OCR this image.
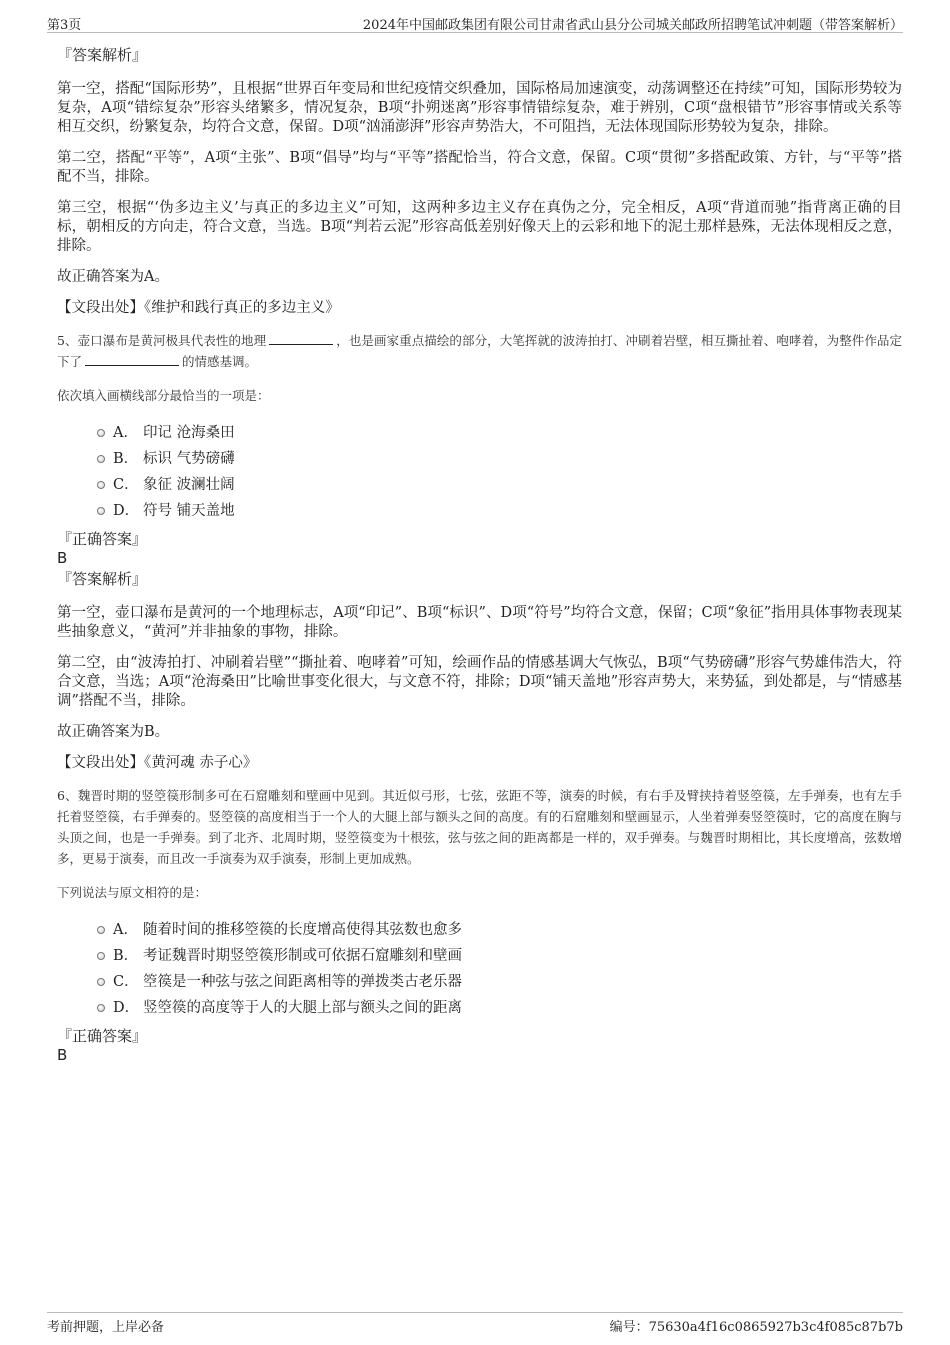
第3页	2024年中国邮政集团有限公司甘肃省武山县分公司城关邮政所招聘笔试冲刺题（带答案解析）

『答案解析』

第一空，搭配“国际形势”，且根据“世界百年变局和世纪疫情交织叠加，国际格局加速演变，动荡调整还在持续”可知，国际形势较为复杂，A项“错综复杂”形容头绪繁多，情况复杂，B项“扑朔迷离”形容事情错综复杂，难于辨别，C项“盘根错节”形容事情或关系等相互交织，纷繁复杂，均符合文意，保留。D项“汹涌澎湃”形容声势浩大，不可阻挡，无法体现国际形势较为复杂，排除。

第二空，搭配“平等”，A项“主张”、B项“倡导”均与“平等”搭配恰当，符合文意，保留。C项“贯彻”多搭配政策、方针，与“平等”搭配不当，排除。

第三空，根据“‘伪多边主义’与真正的多边主义”可知，这两种多边主义存在真伪之分，完全相反，A项“背道而驰”指背离正确的目标，朝相反的方向走，符合文意，当选。B项“判若云泥”形容高低差别好像天上的云彩和地下的泥土那样悬殊，无法体现相反之意，排除。

故正确答案为A。

【文段出处】《维护和践行真正的多边主义》

5、壶口瀑布是黄河极具代表性的地理	，也是画家重点描绘的部分，大笔挥就的波涛拍打、冲刷着岩壁，相互撕扯着、咆哮着，为整件作品定下了	的情感基调。

依次填入画横线部分最恰当的一项是：

A． 印记 沧海桑田
B． 标识 气势磅礴
C． 象征 波澜壮阔
D． 符号 铺天盖地

『正确答案』

B

『答案解析』

第一空，壶口瀑布是黄河的一个地理标志，A项“印记”、B项“标识”、D项“符号”均符合文意，保留；C项“象征”指用具体事物表现某些抽象意义，“黄河”并非抽象的事物，排除。

第二空，由“波涛拍打、冲刷着岩壁”“撕扯着、咆哮着”可知，绘画作品的情感基调大气恢弘，B项“气势磅礴”形容气势雄伟浩大，符合文意，当选；A项“沧海桑田”比喻世事变化很大，与文意不符，排除；D项“铺天盖地”形容声势大，来势猛，到处都是，与“情感基调”搭配不当，排除。

故正确答案为B。

【文段出处】《黄河魂 赤子心》

6、魏晋时期的竖箜篌形制多可在石窟雕刻和壁画中见到。其近似弓形，七弦，弦距不等，演奏的时候，有右手及臂挟持着竖箜篌，左手弹奏，也有左手托着竖箜篌，右手弹奏的。竖箜篌的高度相当于一个人的大腿上部与额头之间的高度。有的石窟雕刻和壁画显示，人坐着弹奏竖箜篌时，它的高度在胸与头顶之间，也是一手弹奏。到了北齐、北周时期，竖箜篌变为十根弦，弦与弦之间的距离都是一样的，双手弹奏。与魏晋时期相比，其长度增高，弦数增多，更易于演奏，而且改一手演奏为双手演奏，形制上更加成熟。

下列说法与原文相符的是：

A． 随着时间的推移箜篌的长度增高使得其弦数也愈多
B． 考证魏晋时期竖箜篌形制或可依据石窟雕刻和壁画
C． 箜篌是一种弦与弦之间距离相等的弹拨类古老乐器
D． 竖箜篌的高度等于人的大腿上部与额头之间的距离

『正确答案』

B

考前押题，上岸必备	编号：75630a4f16c0865927b3c4f085c87b7b
